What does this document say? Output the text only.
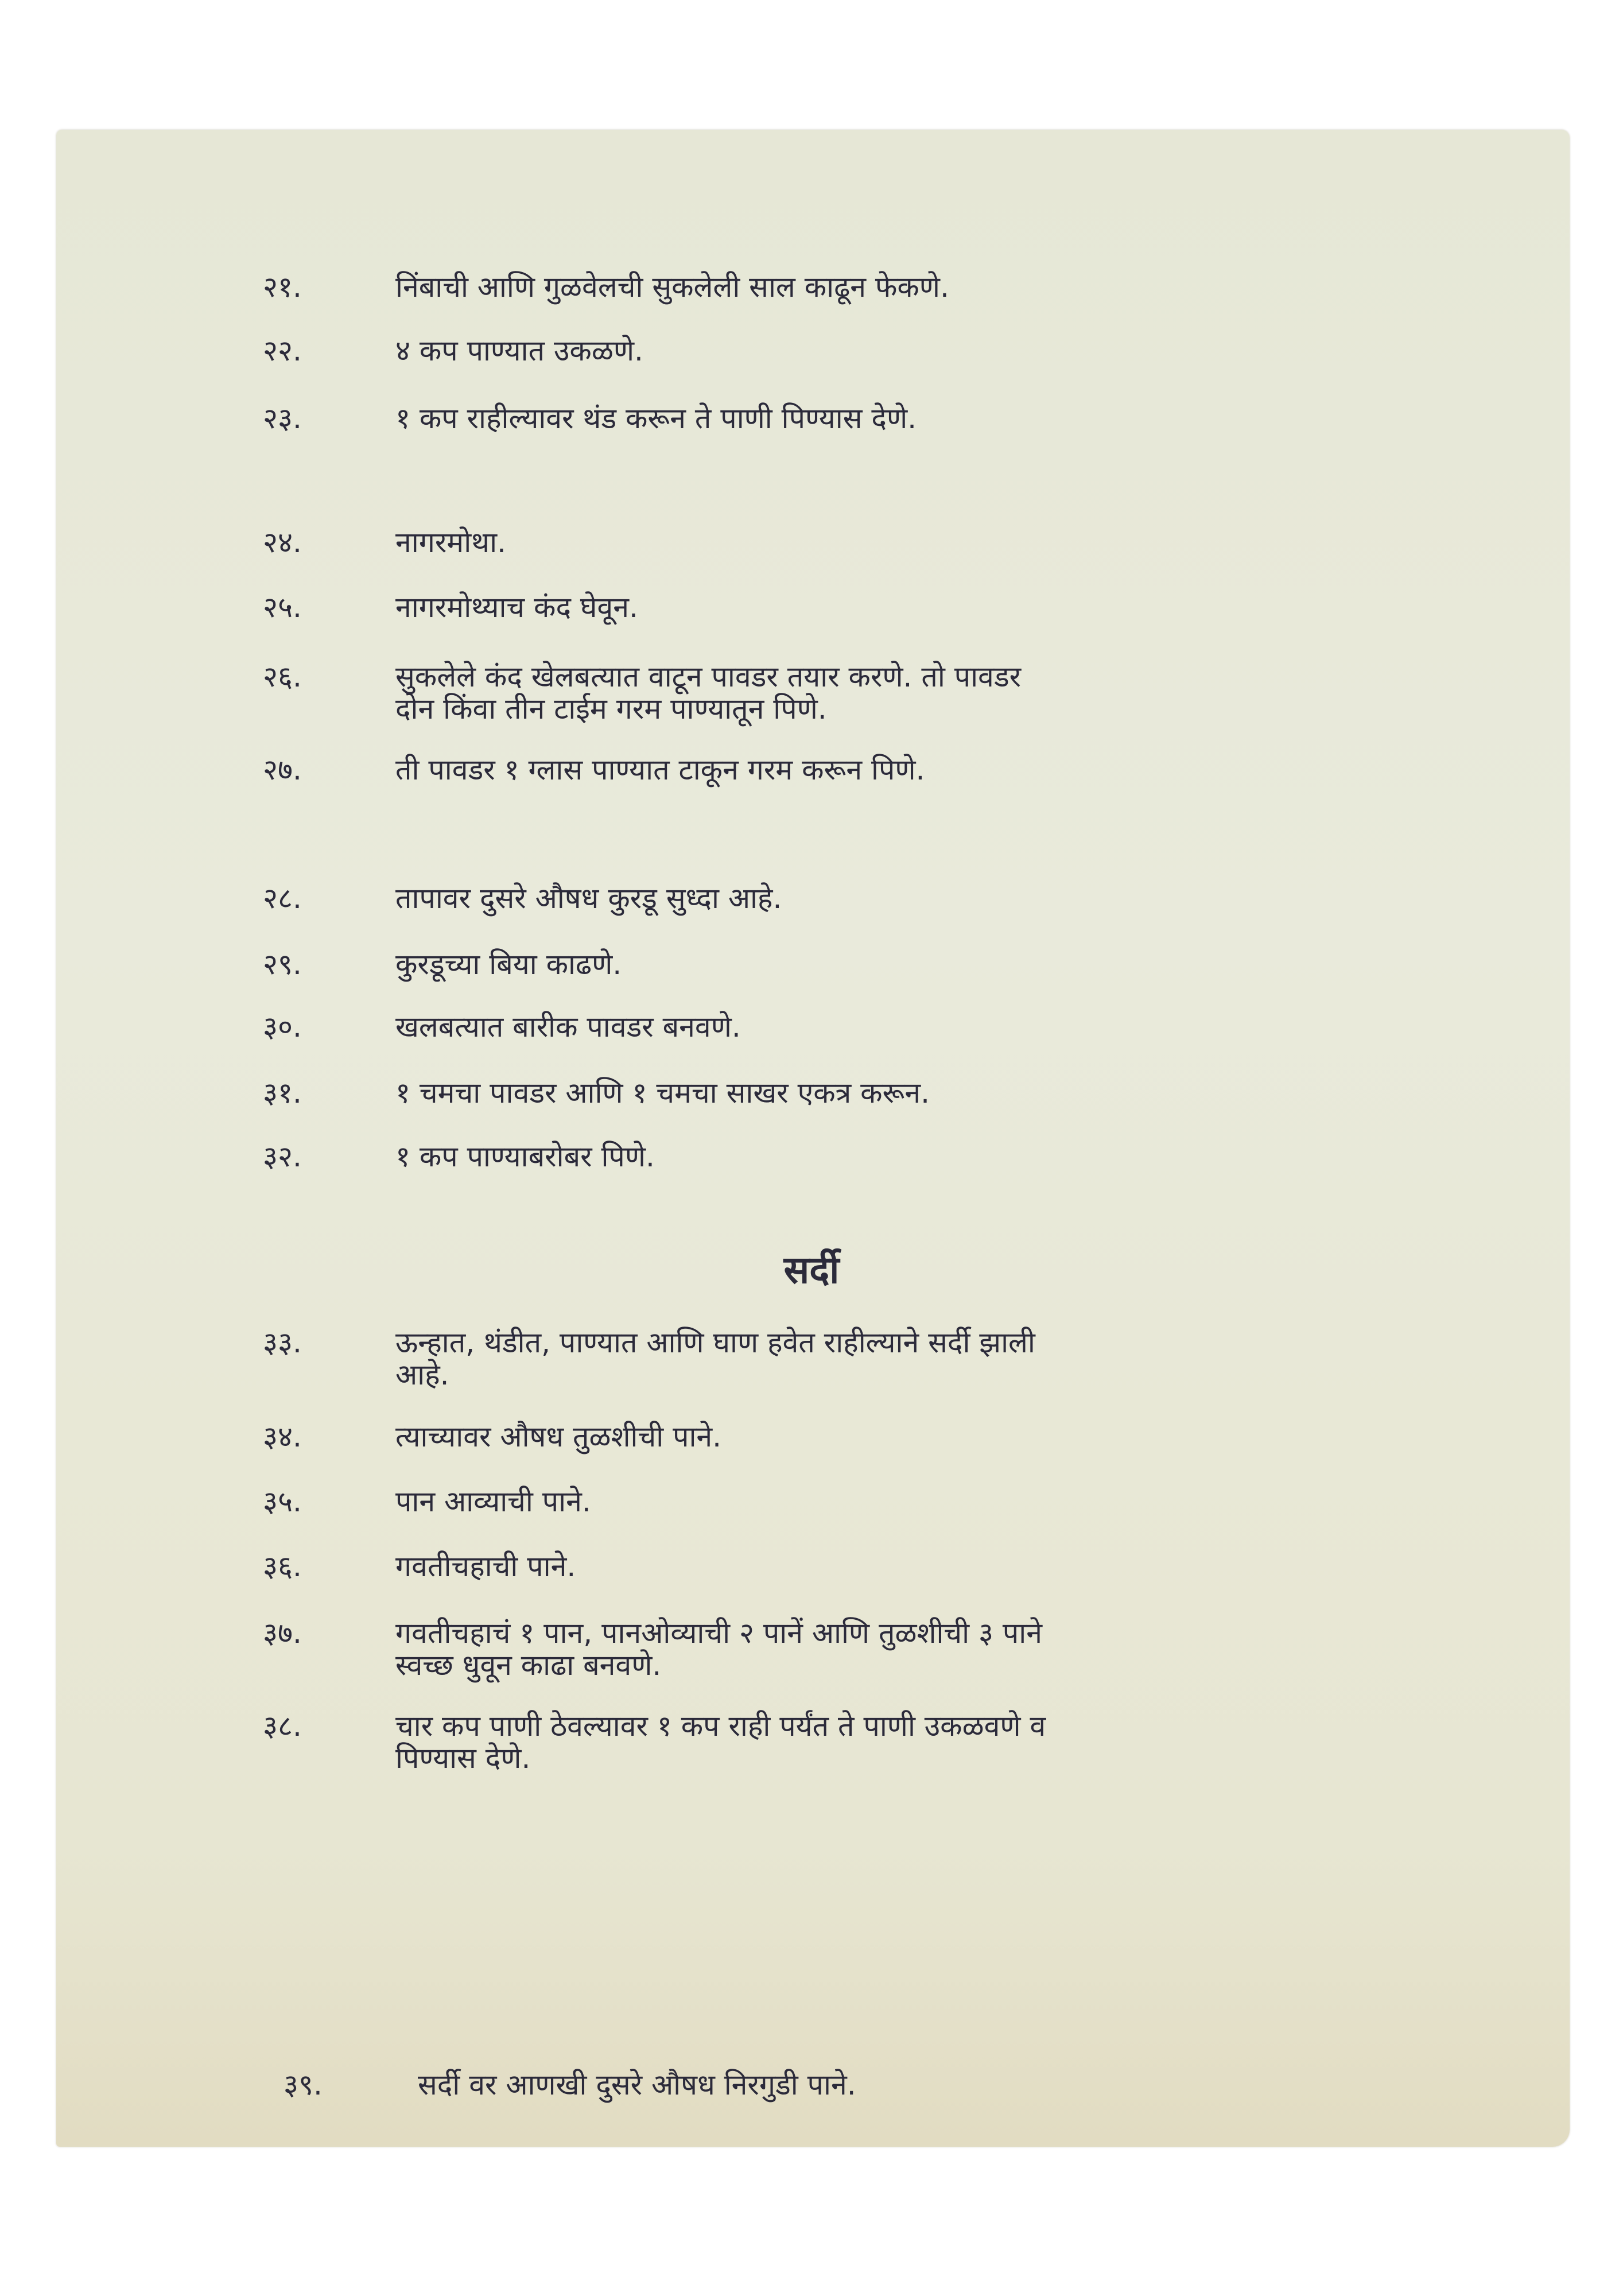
सर्दी
२१.	निंबाची आणि गुळवेलची सुकलेली साल काढून फेकणे.
२२.	४ कप पाण्यात उकळणे.
२३.	१ कप राहील्यावर थंड करून ते पाणी पिण्यास देणे.
२४.	नागरमोथा.
२५.	नागरमोथ्याच कंद घेवून.
२६.	सुकलेले कंद खेलबत्यात वाटून पावडर तयार करणे. तो पावडर
दोन किंवा तीन टाईम गरम पाण्यातून पिणे.
२७.	ती पावडर १ ग्लास पाण्यात टाकून गरम करून पिणे.
२८.	तापावर दुसरे औषध कुरडू सुध्दा आहे.
२९.	कुरडूच्या बिया काढणे.
३०.	खलबत्यात बारीक पावडर बनवणे.
३१.	१ चमचा पावडर आणि १ चमचा साखर एकत्र करून.
३२.	१ कप पाण्याबरोबर पिणे.
३३.	ऊन्हात, थंडीत, पाण्यात आणि घाण हवेत राहील्याने सर्दी झाली
आहे.
३४.	त्याच्यावर औषध तुळशीची पाने.
३५.	पान आव्याची पाने.
३६.	गवतीचहाची पाने.
३७.	गवतीचहाचं १ पान, पानओव्याची २ पानें आणि तुळशीची ३ पाने
स्वच्छ धुवून काढा बनवणे.
३८.	चार कप पाणी ठेवल्यावर १ कप राही पर्यंत ते पाणी उकळवणे व
पिण्यास देणे.
३९.	सर्दी वर आणखी दुसरे औषध निरगुडी पाने.
